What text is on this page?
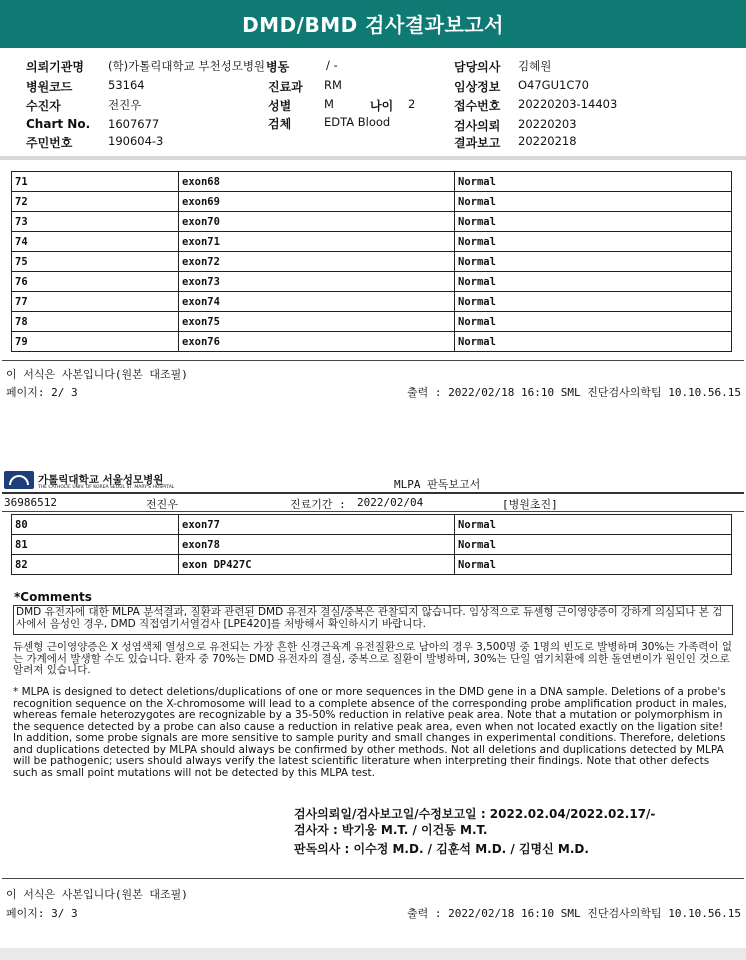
DMD/BMD 검사결과보고서
의뢰기관명 (학)가톨릭대학교 부천성모병원
병원코드	53164
수진자	전진우
Chart No. 1607677
주민번호	190604-3
병동	/ -
진료과 RM
성별	M	나이 2
검체	EDTA Blood
담당의사 김혜원
임상정보 O47GU1C70
접수번호 20220203-14403
검사의뢰 20220203
결과보고 20220218
71	exon68	Normal
72	exon69	Normal
73	exon70	Normal
74	exon71	Normal
75	exon72	Normal
76	exon73	Normal
77	exon74	Normal
78	exon75	Normal
79	exon76	Normal
이 서식은 사본입니다(원본 대조필)
페이지: 2/ 3	출력 : 2022/02/18 16:10 SML 진단검사의학팀 10.10.56.15
가톨릭대학교 서울성모병원
THE CATHOLIC UNIV. OF KOREA SEOUL ST. MARY'S HOSPITAL	MLPA 판독보고서
36986512	전진우	진료기간 : 2022/02/04	[병원초진]
80	exon77	Normal
81	exon78	Normal
82	exon DP427C	Normal
*Comments
DMD 유전자에 대한 MLPA 분석결과, 질환과 관련된 DMD 유전자 결실/중복은 관찰되지 않습니다. 임상적으로 듀센형 근이영양증이 강하게 의심되나 본 검사에서 음성인 경우, DMD 직접염기서열검사 [LPE420]를 처방해서 확인하시기 바랍니다.
듀센형 근이영양증은 X 성염색체 열성으로 유전되는 가장 흔한 신경근육계 유전질환으로 남아의 경우 3,500명 중 1명의 빈도로 발병하며 30%는 가족력이 없는 가계에서 발생할 수도 있습니다. 환자 중 70%는 DMD 유전자의 결실, 중복으로 질환이 발병하며, 30%는 단일 염기치환에 의한 돌연변이가 원인인 것으로 알려져 있습니다.
* MLPA is designed to detect deletions/duplications of one or more sequences in the DMD gene in a DNA sample. Deletions of a probe's recognition sequence on the X-chromosome will lead to a complete absence of the corresponding probe amplification product in males, whereas female heterozygotes are recognizable by a 35-50% reduction in relative peak area. Note that a mutation or polymorphism in the sequence detected by a probe can also cause a reduction in relative peak area, even when not located exactly on the ligation site! In addition, some probe signals are more sensitive to sample purity and small changes in experimental conditions. Therefore, deletions and duplications detected by MLPA should always be confirmed by other methods. Not all deletions and duplications detected by MLPA will be pathogenic; users should always verify the latest scientific literature when interpreting their findings. Note that other defects such as small point mutations will not be detected by this MLPA test.
검사의뢰일/검사보고일/수정보고일 : 2022.02.04/2022.02.17/-
검사자 : 박기웅 M.T. / 이건동 M.T.
판독의사 : 이수정 M.D. / 김훈석 M.D. / 김명신 M.D.
이 서식은 사본입니다(원본 대조필)
페이지: 3/ 3	출력 : 2022/02/18 16:10 SML 진단검사의학팀 10.10.56.15
